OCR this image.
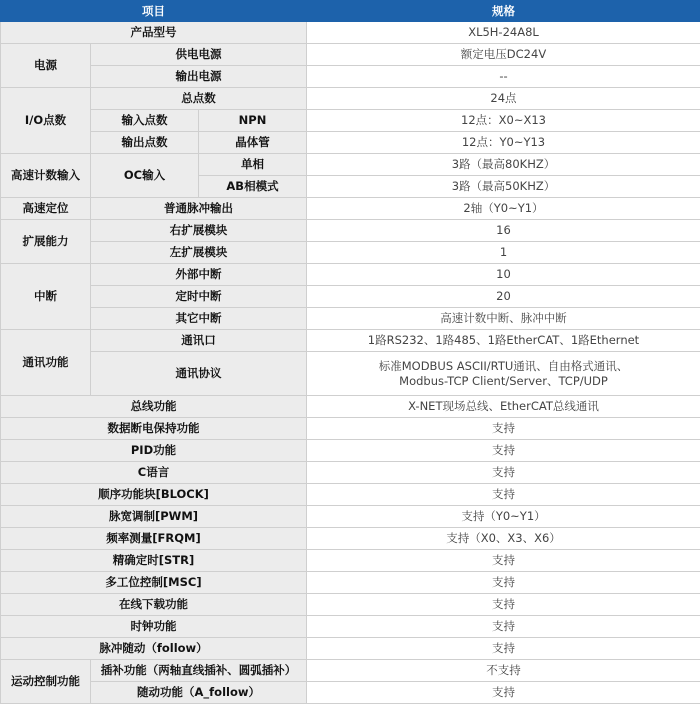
项目			规格
产品型号			XL5H-24A8L
电源	供电电源		额定电压DC24V
	输出电源		--
I/O点数	总点数		24点
	输入点数	NPN	12点：X0~X13
	输出点数	晶体管	12点：Y0~Y13
高速计数输入	OC输入	单相	3路（最高80KHZ）
		AB相模式	3路（最高50KHZ）
高速定位	普通脉冲输出		2轴（Y0~Y1）
扩展能力	右扩展模块		16
	左扩展模块		1
中断	外部中断		10
	定时中断		20
	其它中断		高速计数中断、脉冲中断
通讯功能	通讯口		1路RS232、1路485、1路EtherCAT、1路Ethernet
	通讯协议		标准MODBUS ASCII/RTU通讯、自由格式通讯、
Modbus-TCP Client/Server、TCP/UDP

总线功能			X-NET现场总线、EtherCAT总线通讯
数据断电保持功能			支持
PID功能			支持
C语言			支持
顺序功能块[BLOCK]			支持
脉宽调制[PWM]			支持（Y0~Y1）
频率测量[FRQM]			支持（X0、X3、X6）
精确定时[STR]			支持
多工位控制[MSC]			支持
在线下载功能			支持
时钟功能			支持
脉冲随动（follow）			支持
运动控制功能	插补功能（两轴直线插补、圆弧插补）		不支持
	随动功能（A_follow）		支持
